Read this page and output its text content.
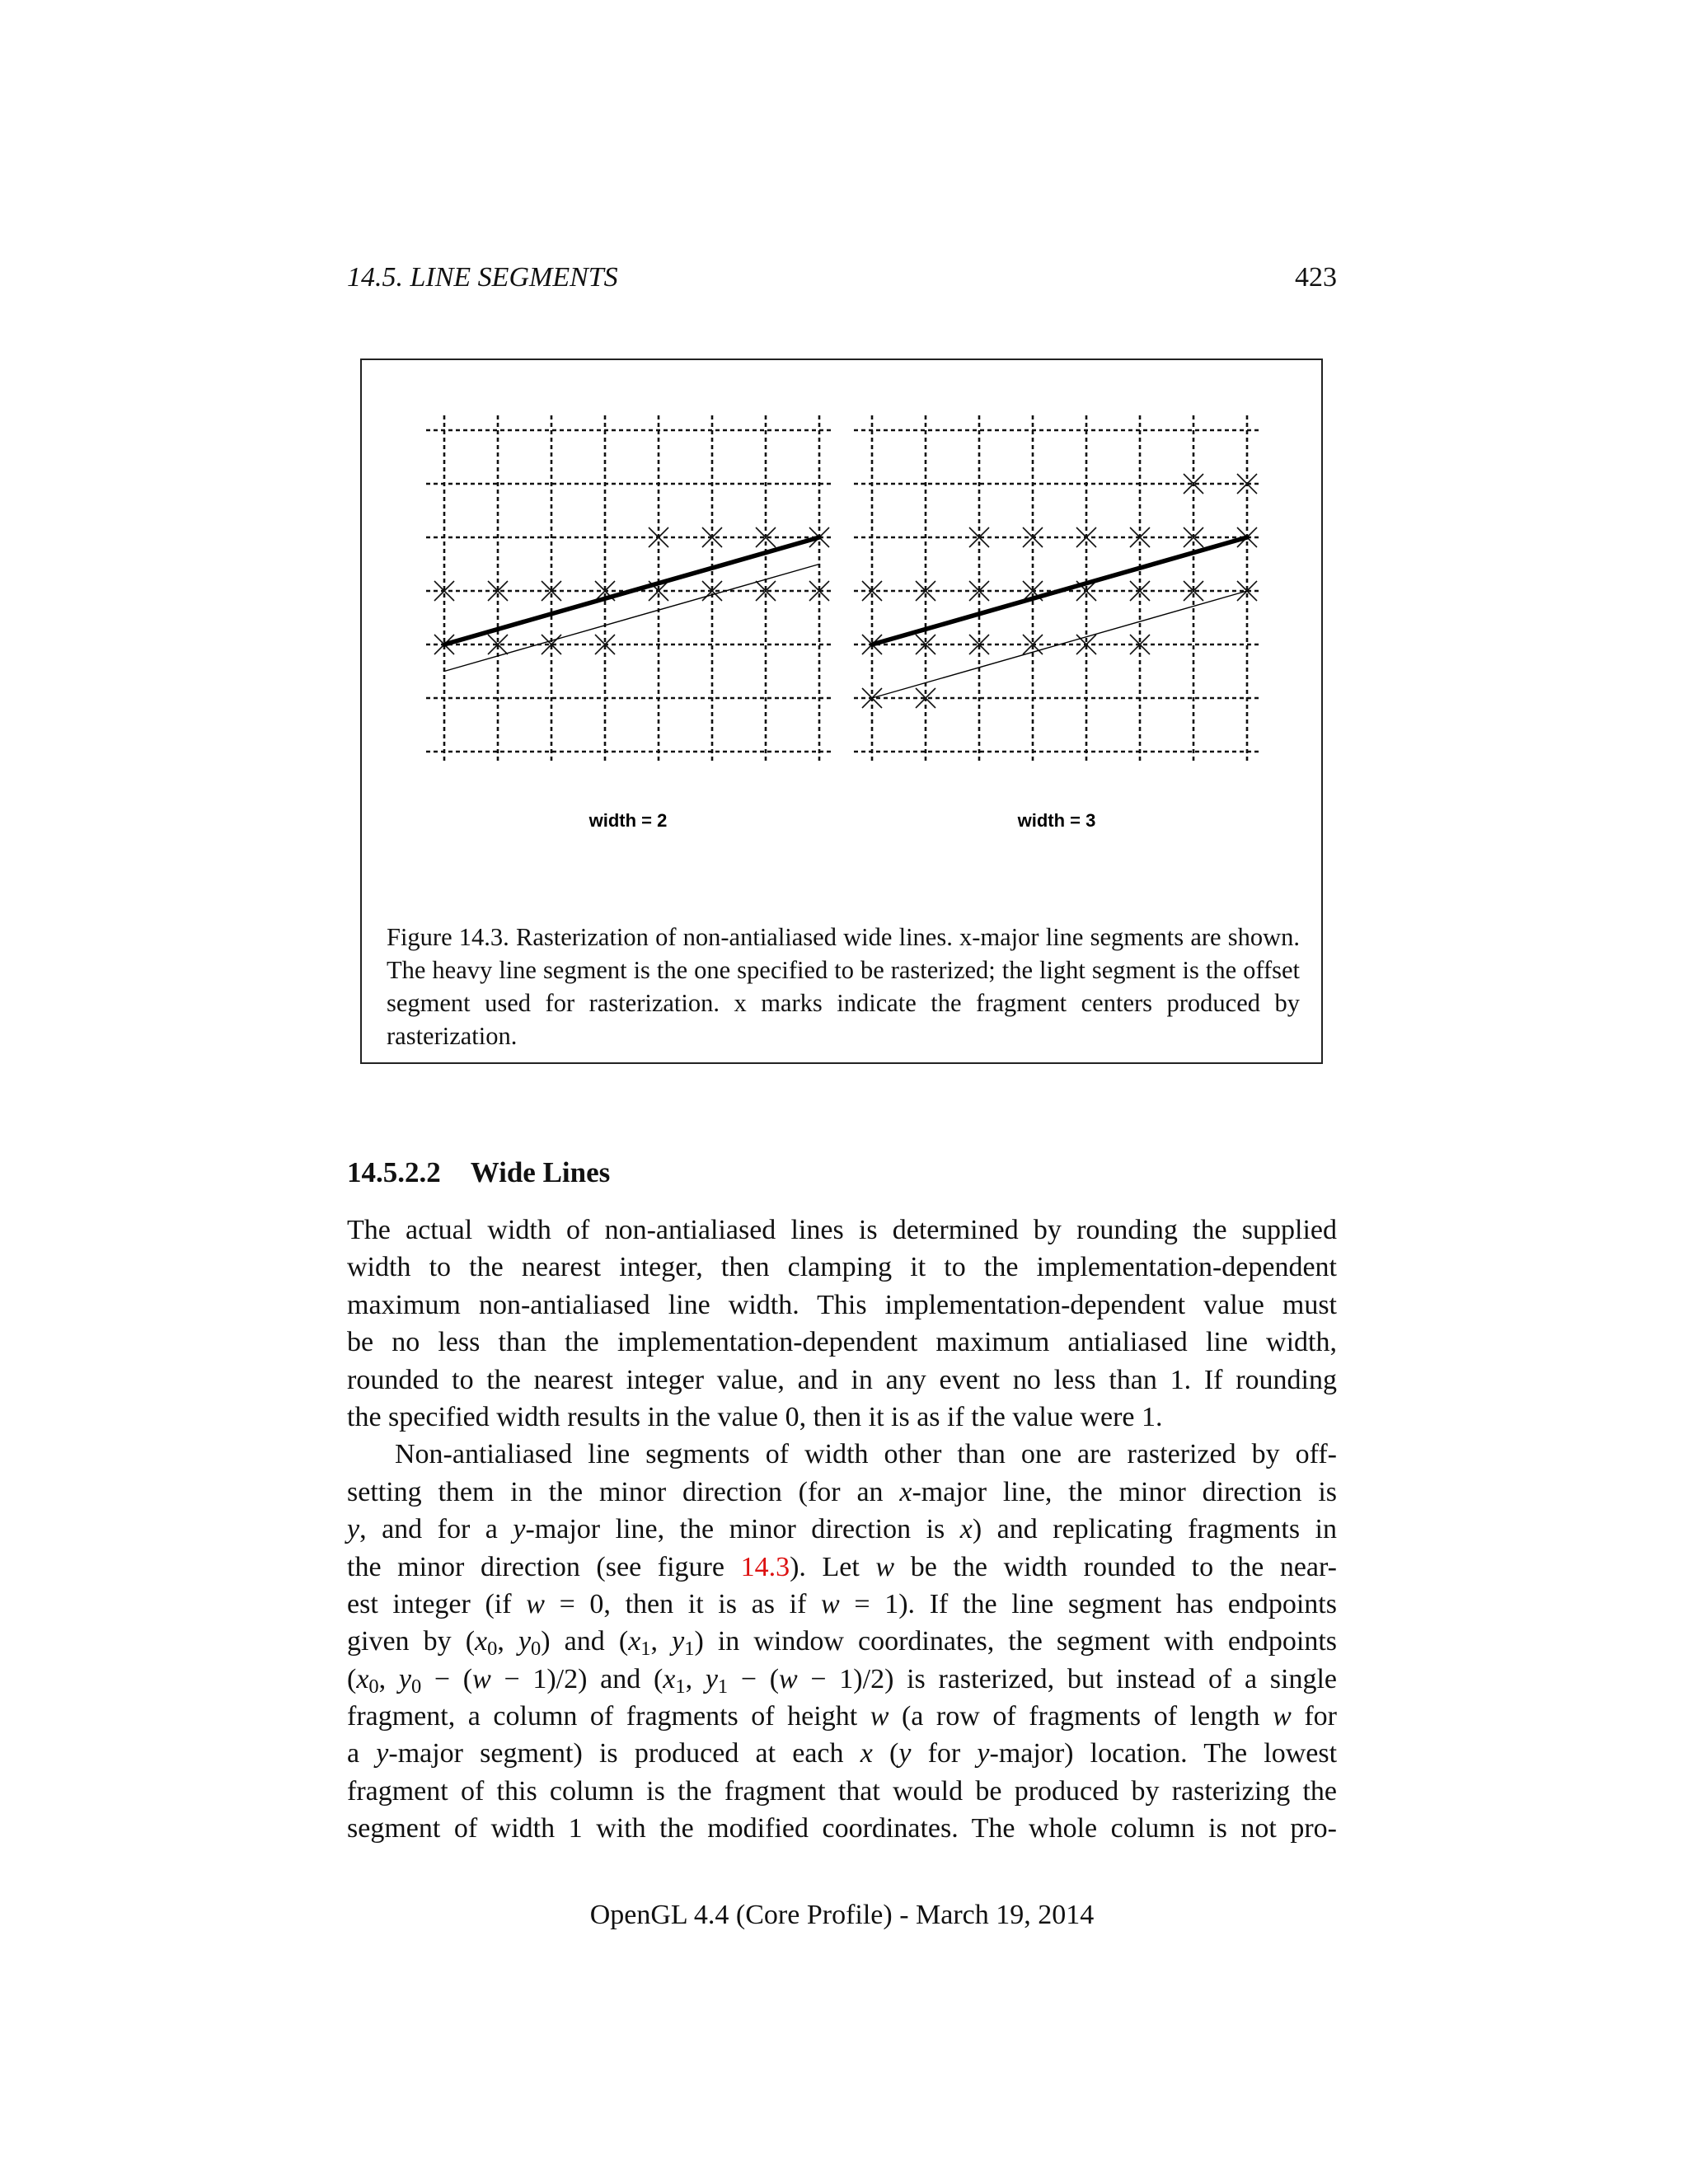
14.5. LINE SEGMENTS	423
width = 2	width = 3
Figure 14.3. Rasterization of non-antialiased wide lines. x-major line segments are shown. The heavy line segment is the one specified to be rasterized; the light segment is the offset segment used for rasterization. x marks indicate the fragment centers produced by rasterization.
14.5.2.2 Wide Lines
The actual width of non-antialiased lines is determined by rounding the supplied
width to the nearest integer, then clamping it to the implementation-dependent
maximum non-antialiased line width. This implementation-dependent value must
be no less than the implementation-dependent maximum antialiased line width,
rounded to the nearest integer value, and in any event no less than 1. If rounding
the specified width results in the value 0, then it is as if the value were 1.
Non-antialiased line segments of width other than one are rasterized by off-
setting them in the minor direction (for an x-major line, the minor direction is
y, and for a y-major line, the minor direction is x) and replicating fragments in
the minor direction (see figure 14.3). Let w be the width rounded to the near-
est integer (if w = 0, then it is as if w = 1). If the line segment has endpoints
given by ($x_0$, $y_0$) and ($x_1$, $y_1$) in window coordinates, the segment with endpoints
($x_0$, $y_0 - (w - 1)/2$) and ($x_1$, $y_1 - (w - 1)/2$) is rasterized, but instead of a single
fragment, a column of fragments of height w (a row of fragments of length w for
a y-major segment) is produced at each x (y for y-major) location. The lowest
fragment of this column is the fragment that would be produced by rasterizing the
segment of width 1 with the modified coordinates. The whole column is not pro-
OpenGL 4.4 (Core Profile) - March 19, 2014
